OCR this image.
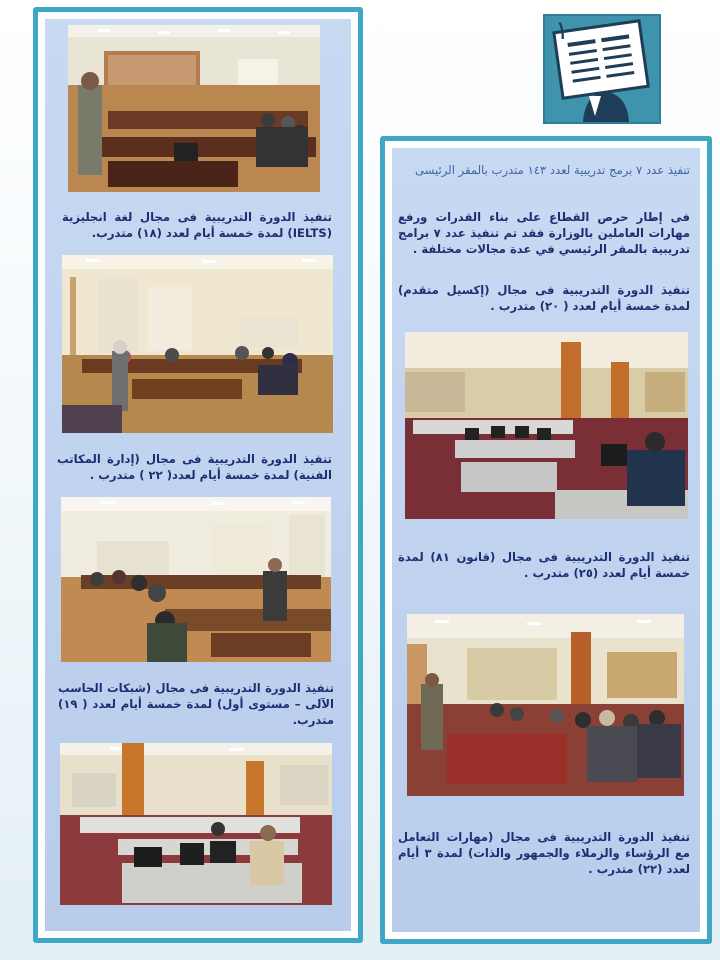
١
تنفيذ الدورة التدريبية فى مجال لغة انجليزية (IELTS) لمدة خمسة أيام لعدد (١٨) متدرب.
تنفيذ الدورة التدريبية فى مجال (إدارة المكاتب الفنية) لمدة خمسة أيام لعدد( ٢٢ ) متدرب .
تنفيذ الدورة التدريبية فى مجال (شبكات الحاسب الآلى – مستوى أول) لمدة خمسة أيام لعدد ( ١٩) متدرب.
تنفيذ عدد ٧ برمج تدريبية لعدد ١٤٣ متدرب بالمقر الرئيسى
فى إطار حرص القطاع على بناء القدرات ورفع مهارات العاملين بالوزارة فقد تم تنفيذ عدد ٧ برامج تدريبية بالمقر الرئيسي في عدة مجالات مختلفة .
تنفيذ الدورة التدريبية فى مجال (إكسيل متقدم) لمدة خمسة أيام لعدد ( ٢٠) متدرب .
تنفيذ الدورة التدريبية فى مجال (قانون ٨١) لمدة خمسة أيام لعدد (٢٥) متدرب .
تنفيذ الدورة التدريبية فى مجال (مهارات التعامل مع الرؤساء والزملاء والجمهور والذات) لمدة ٣ أيام لعدد (٢٢) متدرب .
